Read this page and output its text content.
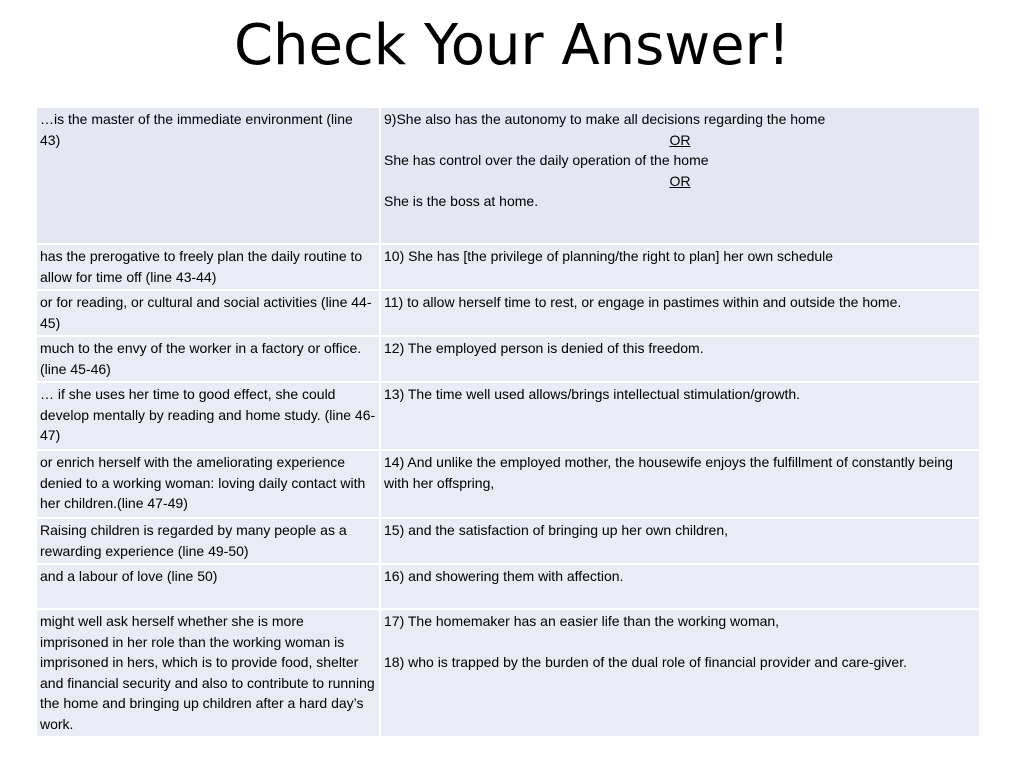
Check Your Answer!
…is the master of the immediate environment (line 43)	9)She also has the autonomy to make all decisions regarding the home
OR
She has control over the daily operation of the home
OR
She is the boss at home.

has the prerogative to freely plan the daily routine to allow for time off (line 43-44)	10) She has [the privilege of planning/the right to plan] her own schedule
or for reading, or cultural and social activities (line 44-45)	11) to allow herself time to rest, or engage in pastimes within and outside the home.
much to the envy of the worker in a factory or office.(line 45-46)	12) The employed person is denied of this freedom.
… if she uses her time to good effect, she could develop mentally by reading and home study. (line 46-47)	13) The time well used allows/brings intellectual stimulation/growth.
or enrich herself with the ameliorating experience denied to a working woman: loving daily contact with her children.(line 47-49)	14) And unlike the employed mother, the housewife enjoys the fulfillment of constantly being with her offspring,
Raising children is regarded by many people as a rewarding experience (line 49-50)	15) and the satisfaction of bringing up her own children,
and a labour of love (line 50)	16) and showering them with affection.
might well ask herself whether she is more imprisoned in her role than the working woman is imprisoned in hers, which is to provide food, shelter and financial security and also to contribute to running the home and bringing up children after a hard day’s work.	17) The homemaker has an easier life than the working woman,
18) who is trapped by the burden of the dual role of financial provider and care-giver.
